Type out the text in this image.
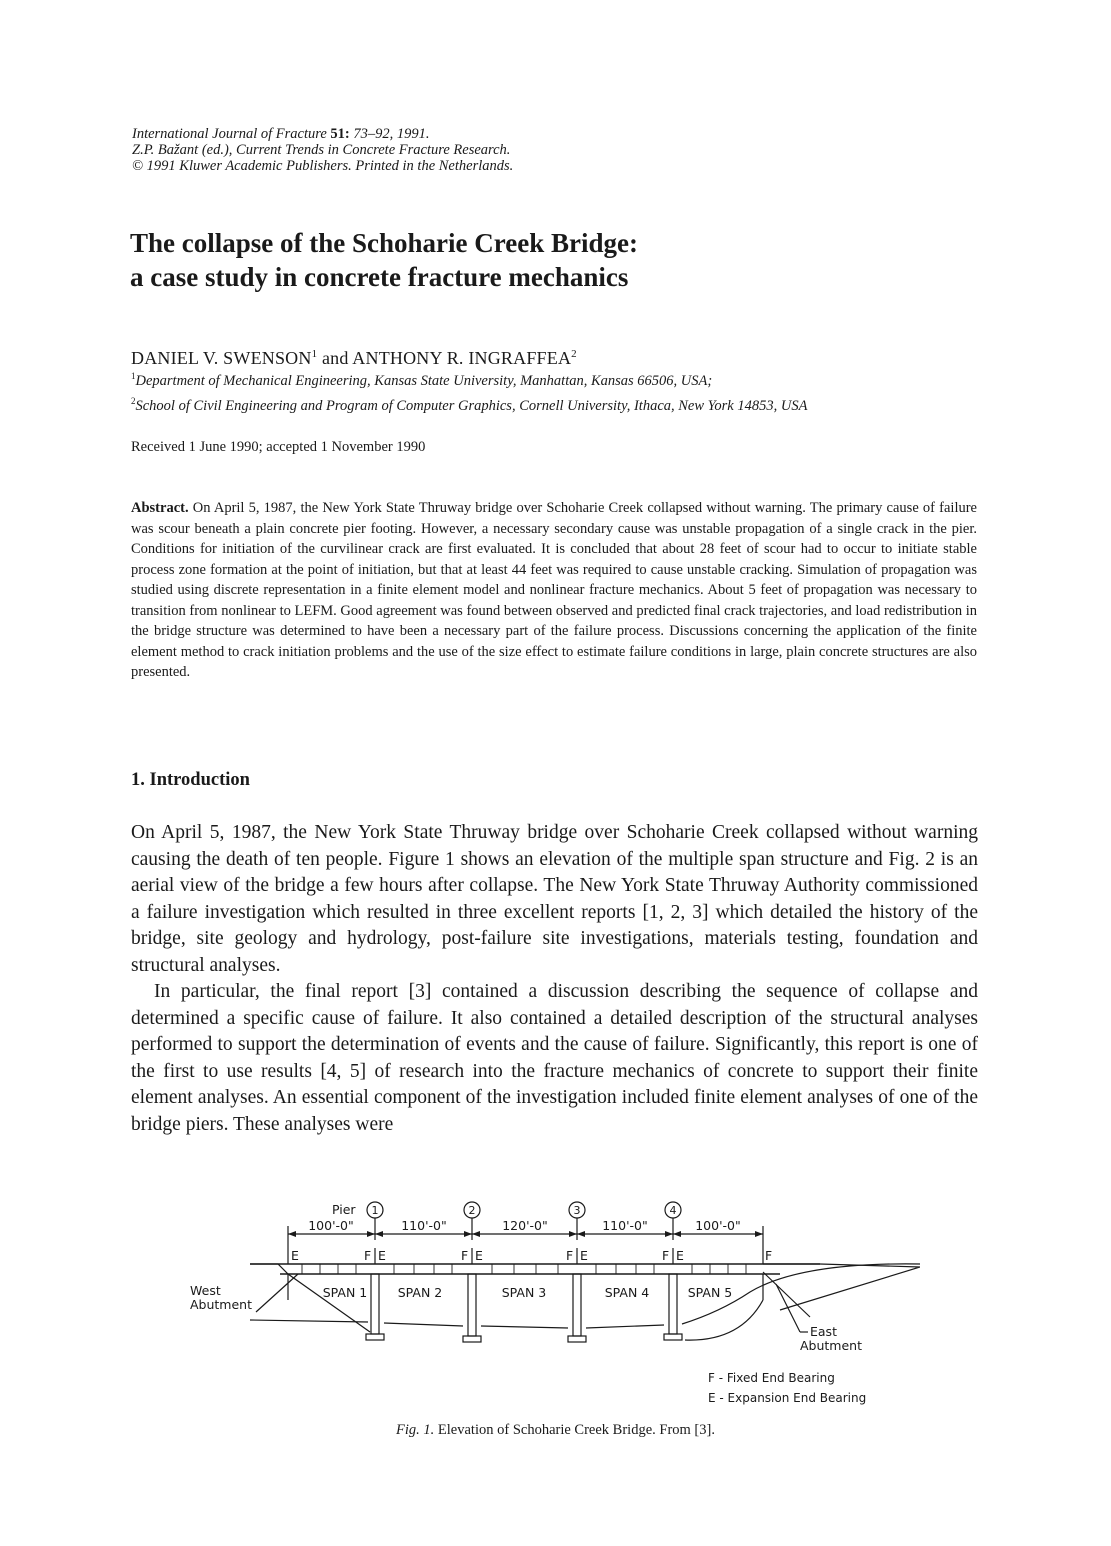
International Journal of Fracture 51: 73–92, 1991.
Z.P. Bažant (ed.), Current Trends in Concrete Fracture Research.
© 1991 Kluwer Academic Publishers. Printed in the Netherlands.
The collapse of the Schoharie Creek Bridge:
a case study in concrete fracture mechanics
DANIEL V. SWENSON$^1$ and ANTHONY R. INGRAFFEA$^2$
$^1$Department of Mechanical Engineering, Kansas State University, Manhattan, Kansas 66506, USA;
$^2$School of Civil Engineering and Program of Computer Graphics, Cornell University, Ithaca, New York 14853, USA
Received 1 June 1990; accepted 1 November 1990
Abstract. On April 5, 1987, the New York State Thruway bridge over Schoharie Creek collapsed without warning. The primary cause of failure was scour beneath a plain concrete pier footing. However, a necessary secondary cause was unstable propagation of a single crack in the pier. Conditions for initiation of the curvilinear crack are first evaluated. It is concluded that about 28 feet of scour had to occur to initiate stable process zone formation at the point of initiation, but that at least 44 feet was required to cause unstable cracking. Simulation of propagation was studied using discrete representation in a finite element model and nonlinear fracture mechanics. About 5 feet of propagation was necessary to transition from nonlinear to LEFM. Good agreement was found between observed and predicted final crack trajectories, and load redistribution in the bridge structure was determined to have been a necessary part of the failure process. Discussions concerning the application of the finite element method to crack initiation problems and the use of the size effect to estimate failure conditions in large, plain concrete structures are also presented.
1. Introduction

On April 5, 1987, the New York State Thruway bridge over Schoharie Creek collapsed without warning causing the death of ten people. Figure 1 shows an elevation of the multiple span structure and Fig. 2 is an aerial view of the bridge a few hours after collapse. The New York State Thruway Authority commissioned a failure investigation which resulted in three excellent reports [1, 2, 3] which detailed the history of the bridge, site geology and hydrology, post-failure site investigations, materials testing, foundation and structural analyses.

In particular, the final report [3] contained a discussion describing the sequence of collapse and determined a specific cause of failure. It also contained a detailed description of the structural analyses performed to support the determination of events and the cause of failure. Significantly, this report is one of the first to use results [4, 5] of research into the fracture mechanics of concrete to support their finite element analyses. An essential component of the investigation included finite element analyses of one of the bridge piers. These analyses were

Pier 1	2	3	4
100'-0"	110'-0"	120'-0"	110'-0"	100'-0"
E	F E	F E	F E	F E	F
SPAN 1 SPAN 2	SPAN 3	SPAN 4	SPAN 5
West
Abutment
East
Abutment
F - Fixed End Bearing
E - Expansion End Bearing
Fig. 1. Elevation of Schoharie Creek Bridge. From [3].
